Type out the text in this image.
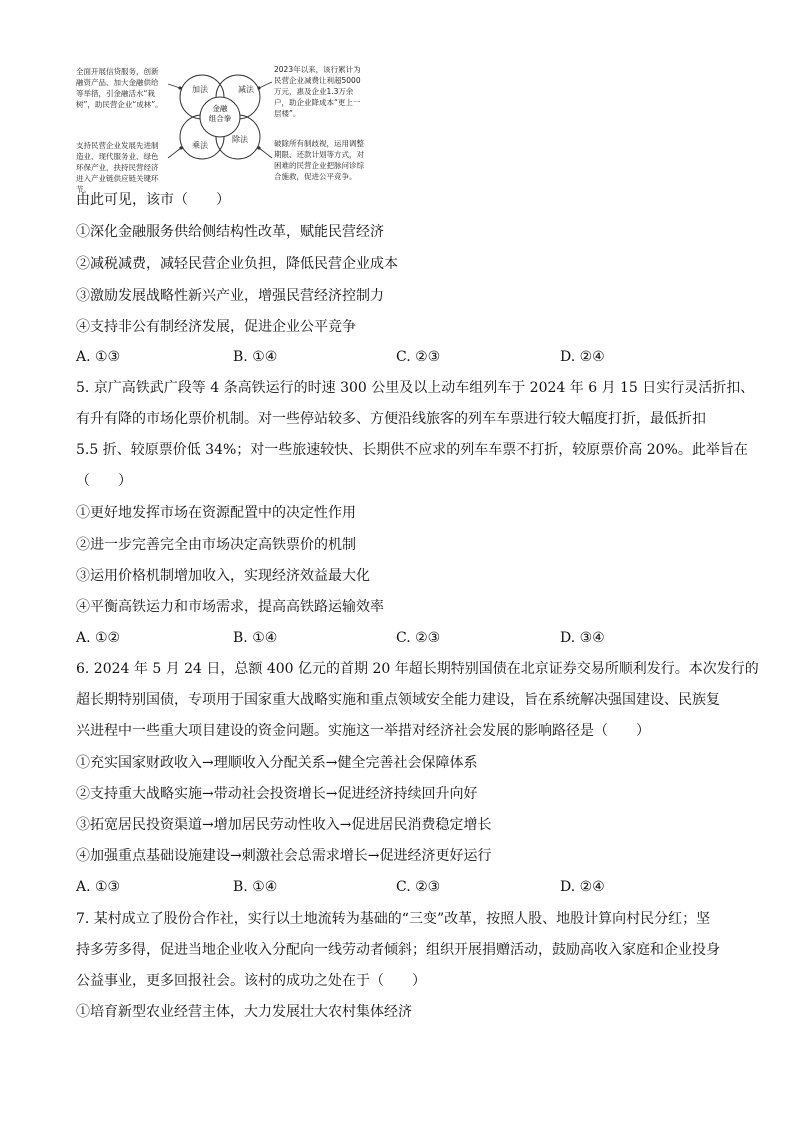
全面开展信贷服务，创新融资产品、加大金融供给等举措，引金融活水“栽树”，助民营企业“成林”。
支持民营企业发展先进制造业、现代服务业、绿色环保产业，扶持民营经济进入产业链供应链关键环节。
2023年以来，该行累计为民营企业减费让利超5000万元，惠及企业1.3万余户，助企业降成本“更上一层楼”。
破除所有制歧视，运用调整期限、还款计划等方式，对困难的民营企业把脉问诊综合施救，促进公平竞争。
加法	减法
乘法
除法
金融
组合拳
由此可见，该市（　　）
①深化金融服务供给侧结构性改革，赋能民营经济
②减税减费，减轻民营企业负担，降低民营企业成本
③激励发展战略性新兴产业，增强民营经济控制力
④支持非公有制经济发展，促进企业公平竞争
A. ①③	B. ①④	C. ②③	D. ②④
5. 京广高铁武广段等 4 条高铁运行的时速 300 公里及以上动车组列车于 2024 年 6 月 15 日实行灵活折扣、
有升有降的市场化票价机制。对一些停站较多、方便沿线旅客的列车车票进行较大幅度打折，最低折扣
5.5 折、较原票价低 34%；对一些旅速较快、长期供不应求的列车车票不打折，较原票价高 20%。此举旨在
（　　）
①更好地发挥市场在资源配置中的决定性作用
②进一步完善完全由市场决定高铁票价的机制
③运用价格机制增加收入，实现经济效益最大化
④平衡高铁运力和市场需求，提高高铁路运输效率
A. ①②	B. ①④	C. ②③	D. ③④
6. 2024 年 5 月 24 日，总额 400 亿元的首期 20 年超长期特别国债在北京证券交易所顺利发行。本次发行的
超长期特别国债，专项用于国家重大战略实施和重点领域安全能力建设，旨在系统解决强国建设、民族复
兴进程中一些重大项目建设的资金问题。实施这一举措对经济社会发展的影响路径是（　　）
①充实国家财政收入→理顺收入分配关系→健全完善社会保障体系
②支持重大战略实施→带动社会投资增长→促进经济持续回升向好
③拓宽居民投资渠道→增加居民劳动性收入→促进居民消费稳定增长
④加强重点基础设施建设→刺激社会总需求增长→促进经济更好运行
A. ①③	B. ①④	C. ②③	D. ②④
7. 某村成立了股份合作社，实行以土地流转为基础的“三变”改革，按照人股、地股计算向村民分红；坚
持多劳多得，促进当地企业收入分配向一线劳动者倾斜；组织开展捐赠活动，鼓励高收入家庭和企业投身
公益事业，更多回报社会。该村的成功之处在于（　　）
①培育新型农业经营主体，大力发展壮大农村集体经济
